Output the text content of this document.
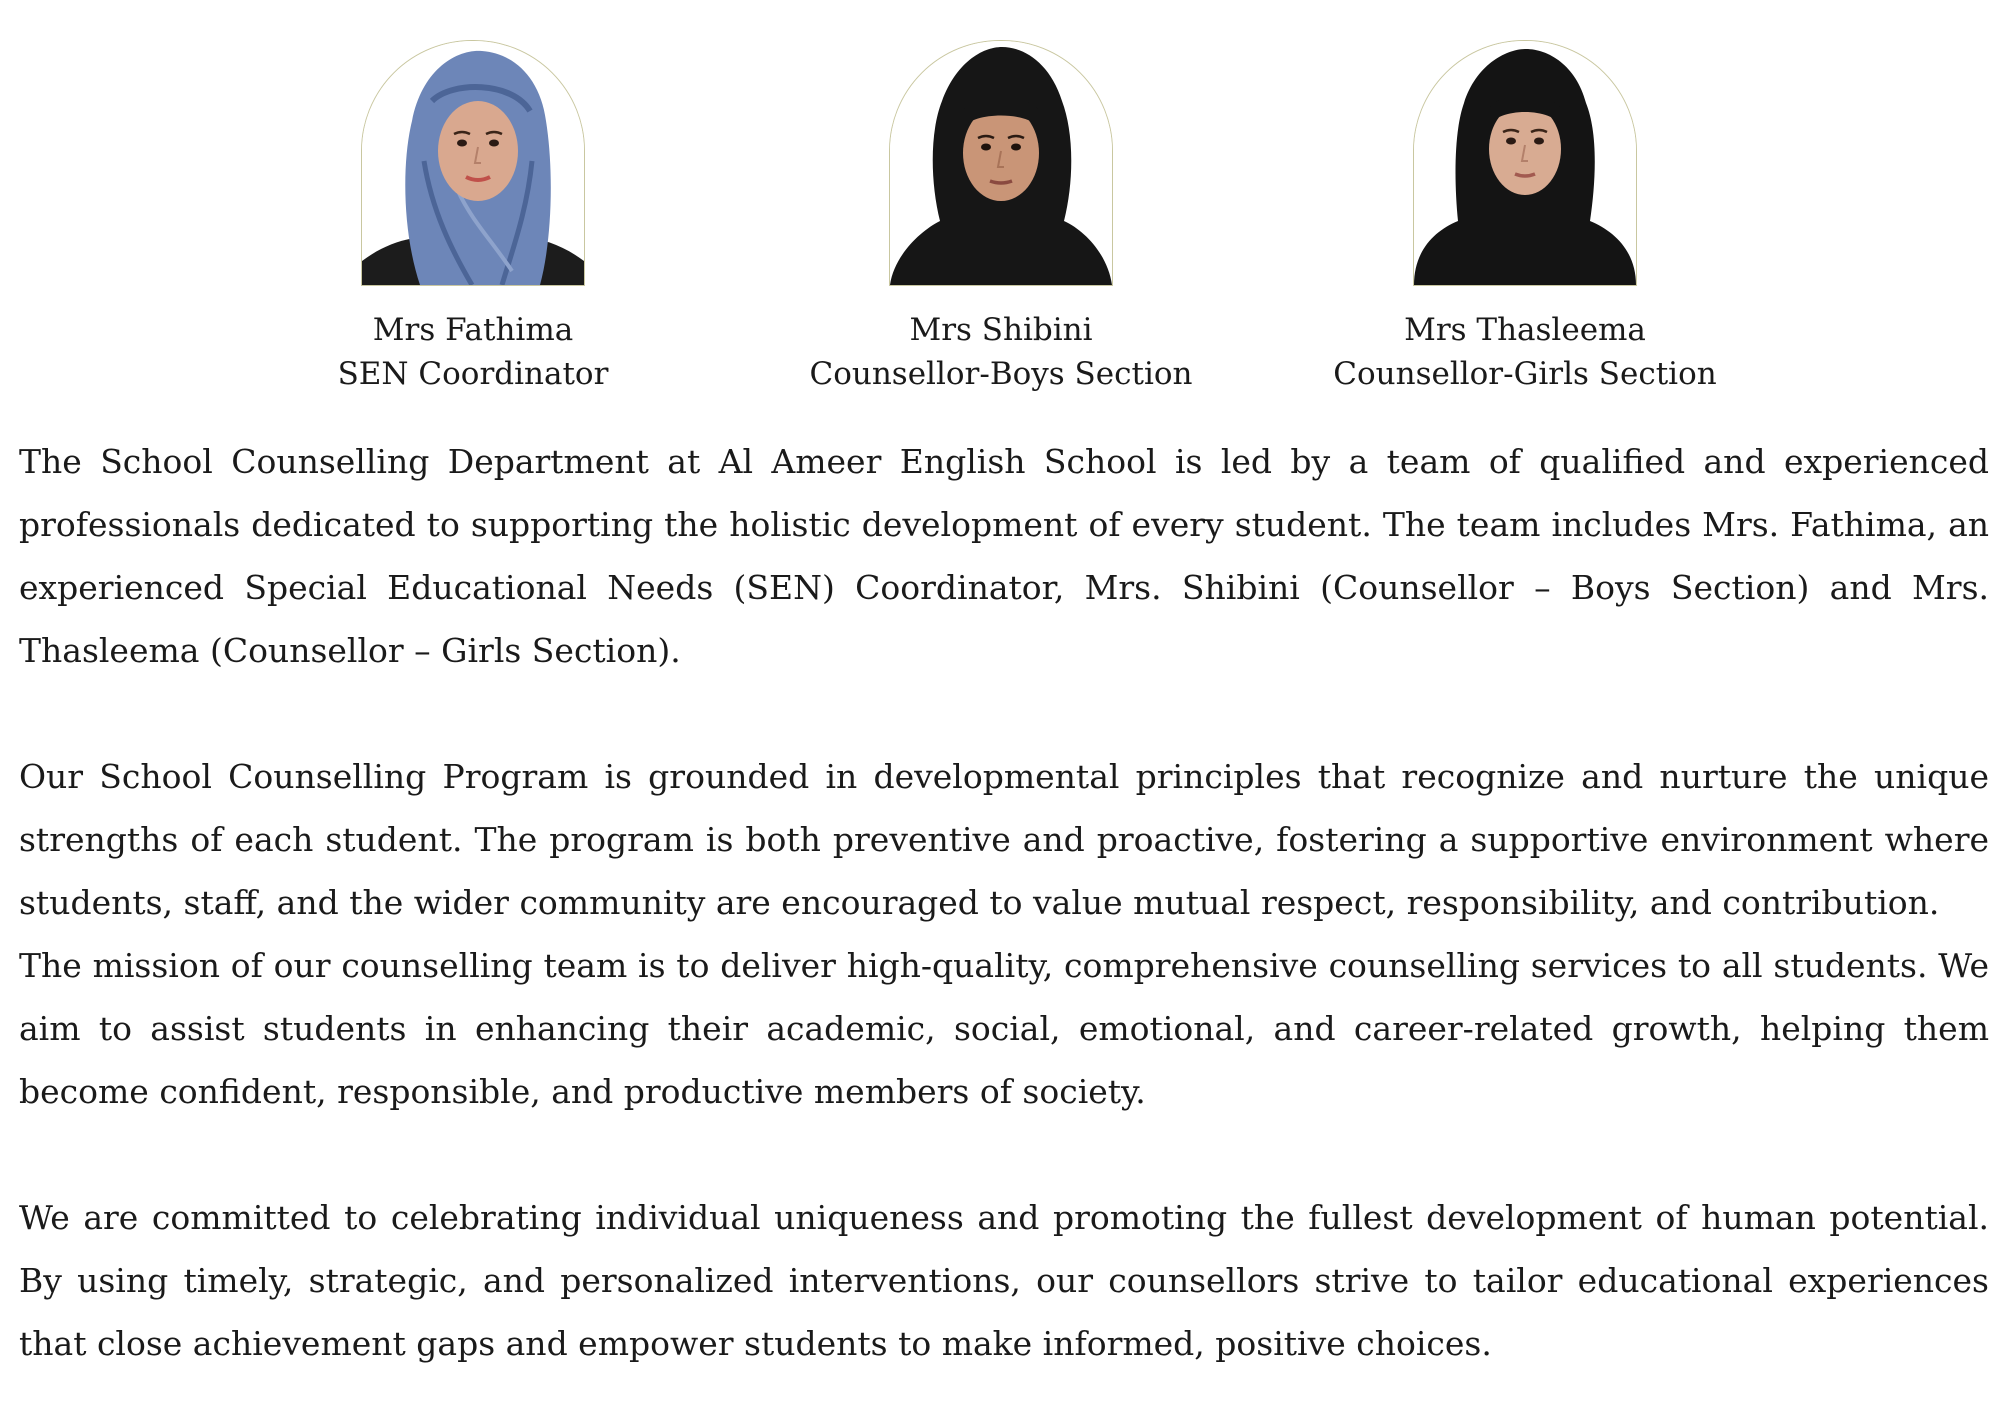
Mrs Fathima
SEN Coordinator
Mrs Shibini
Counsellor-Boys Section
Mrs Thasleema
Counsellor-Girls Section

The School Counselling Department at Al Ameer English School is led by a team of qualified and experienced professionals dedicated to supporting the holistic development of every student. The team includes Mrs. Fathima, an experienced Special Educational Needs (SEN) Coordinator, Mrs. Shibini (Counsellor – Boys Section) and Mrs. Thasleema (Counsellor – Girls Section).

Our School Counselling Program is grounded in developmental principles that recognize and nurture the unique strengths of each student. The program is both preventive and proactive, fostering a supportive environment where students, staff, and the wider community are encouraged to value mutual respect, responsibility, and contribution.

The mission of our counselling team is to deliver high-quality, comprehensive counselling services to all students. We aim to assist students in enhancing their academic, social, emotional, and career-related growth, helping them become confident, responsible, and productive members of society.

We are committed to celebrating individual uniqueness and promoting the fullest development of human potential. By using timely, strategic, and personalized interventions, our counsellors strive to tailor educational experiences that close achievement gaps and empower students to make informed, positive choices.
